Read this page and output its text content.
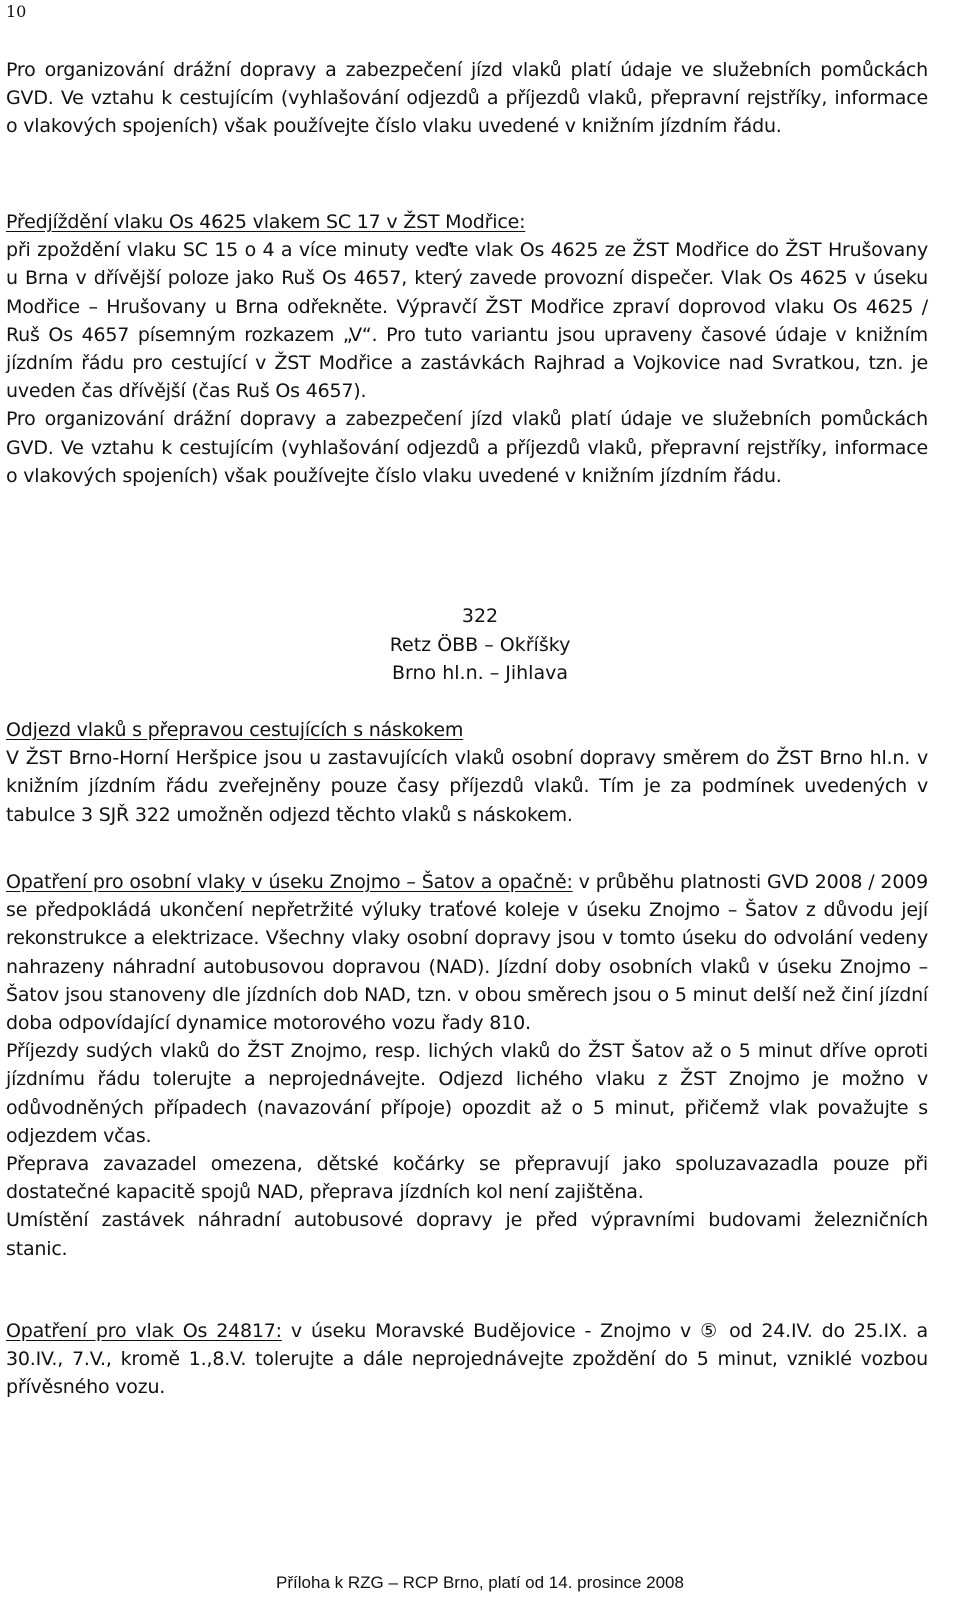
10

Pro organizování drážní dopravy a zabezpečení jízd vlaků platí údaje ve služebních pomůckách GVD. Ve vztahu k cestujícím (vyhlašování odjezdů a příjezdů vlaků, přepravní rejstříky, informace o vlakových spojeních) však používejte číslo vlaku uvedené v knižním jízdním řádu.

Předjíždění vlaku Os 4625 vlakem SC 17 v ŽST Modřice:

při zpoždění vlaku SC 15 o 4 a více minuty veďte vlak Os 4625 ze ŽST Modřice do ŽST Hrušovany u Brna v dřívější poloze jako Ruš Os 4657, který zavede provozní dispečer. Vlak Os 4625 v úseku Modřice – Hrušovany u Brna odřekněte. Výpravčí ŽST Modřice zpraví doprovod vlaku Os 4625 / Ruš Os 4657 písemným rozkazem „V“. Pro tuto variantu jsou upraveny časové údaje v knižním jízdním řádu pro cestující v ŽST Modřice a zastávkách Rajhrad a Vojkovice nad Svratkou, tzn. je uveden čas dřívější (čas Ruš Os 4657).

Pro organizování drážní dopravy a zabezpečení jízd vlaků platí údaje ve služebních pomůckách GVD. Ve vztahu k cestujícím (vyhlašování odjezdů a příjezdů vlaků, přepravní rejstříky, informace o vlakových spojeních) však používejte číslo vlaku uvedené v knižním jízdním řádu.

322
Retz ÖBB – Okříšky
Brno hl.n. – Jihlava

Odjezd vlaků s přepravou cestujících s náskokem

V ŽST Brno-Horní Heršpice jsou u zastavujících vlaků osobní dopravy směrem do ŽST Brno hl.n. v knižním jízdním řádu zveřejněny pouze časy příjezdů vlaků. Tím je za podmínek uvedených v tabulce 3 SJŘ 322 umožněn odjezd těchto vlaků s náskokem.

Opatření pro osobní vlaky v úseku Znojmo – Šatov a opačně: v průběhu platnosti GVD 2008 / 2009 se předpokládá ukončení nepřetržité výluky traťové koleje v úseku Znojmo – Šatov z důvodu její rekonstrukce a elektrizace. Všechny vlaky osobní dopravy jsou v tomto úseku do odvolání vedeny nahrazeny náhradní autobusovou dopravou (NAD). Jízdní doby osobních vlaků v úseku Znojmo – Šatov jsou stanoveny dle jízdních dob NAD, tzn. v obou směrech jsou o 5 minut delší než činí jízdní doba odpovídající dynamice motorového vozu řady 810.

Příjezdy sudých vlaků do ŽST Znojmo, resp. lichých vlaků do ŽST Šatov až o 5 minut dříve oproti jízdnímu řádu tolerujte a neprojednávejte. Odjezd lichého vlaku z ŽST Znojmo je možno v odůvodněných případech (navazování přípoje) opozdit až o 5 minut, přičemž vlak považujte s odjezdem včas.

Přeprava zavazadel omezena, dětské kočárky se přepravují jako spoluzavazadla pouze při dostatečné kapacitě spojů NAD, přeprava jízdních kol není zajištěna.

Umístění zastávek náhradní autobusové dopravy je před výpravními budovami železničních stanic.

Opatření pro vlak Os 24817: v úseku Moravské Budějovice - Znojmo v ⑤ od 24.IV. do 25.IX. a 30.IV., 7.V., kromě 1.,8.V. tolerujte a dále neprojednávejte zpoždění do 5 minut, vzniklé vozbou přívěsného vozu.

Příloha k RZG – RCP Brno, platí od 14. prosince 2008
